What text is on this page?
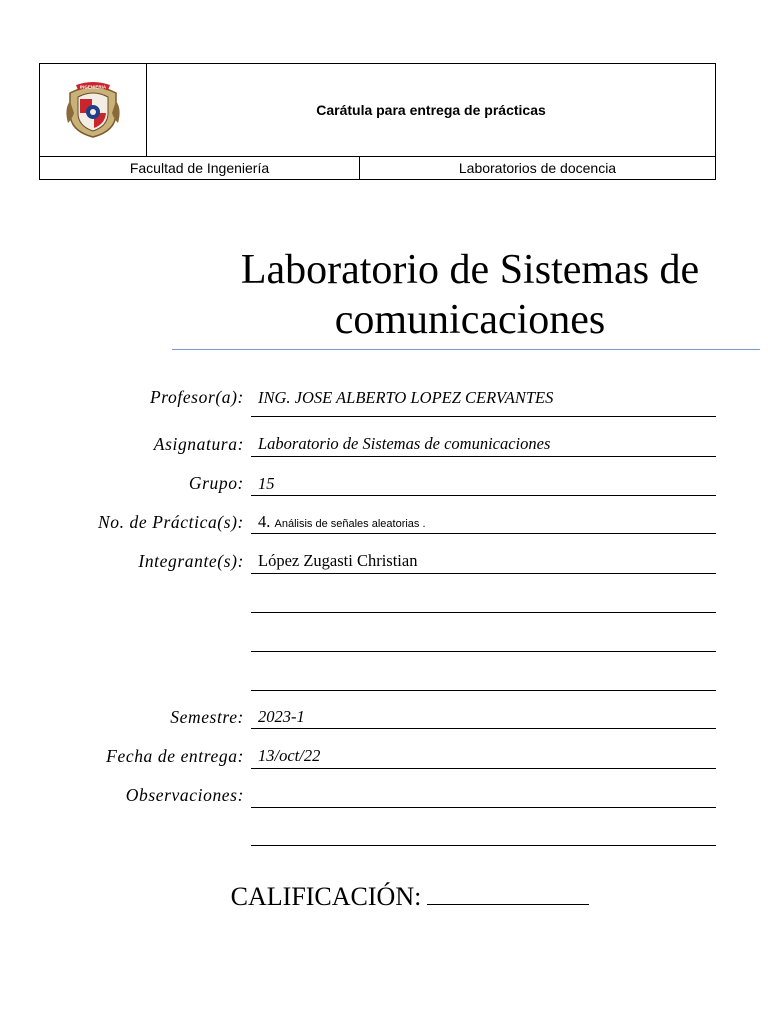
INGENIERIA
Carátula para entrega de prácticas
Facultad de Ingeniería	Laboratorios de docencia
Laboratorio de Sistemas de
comunicaciones
Profesor(a): ING. JOSE ALBERTO LOPEZ CERVANTES
Asignatura: Laboratorio de Sistemas de comunicaciones
Grupo: 15
No. de Práctica(s): 4. Análisis de señales aleatorias .
Integrante(s): López Zugasti Christian
Semestre: 2023-1
Fecha de entrega: 13/oct/22
Observaciones:
CALIFICACIÓN:
